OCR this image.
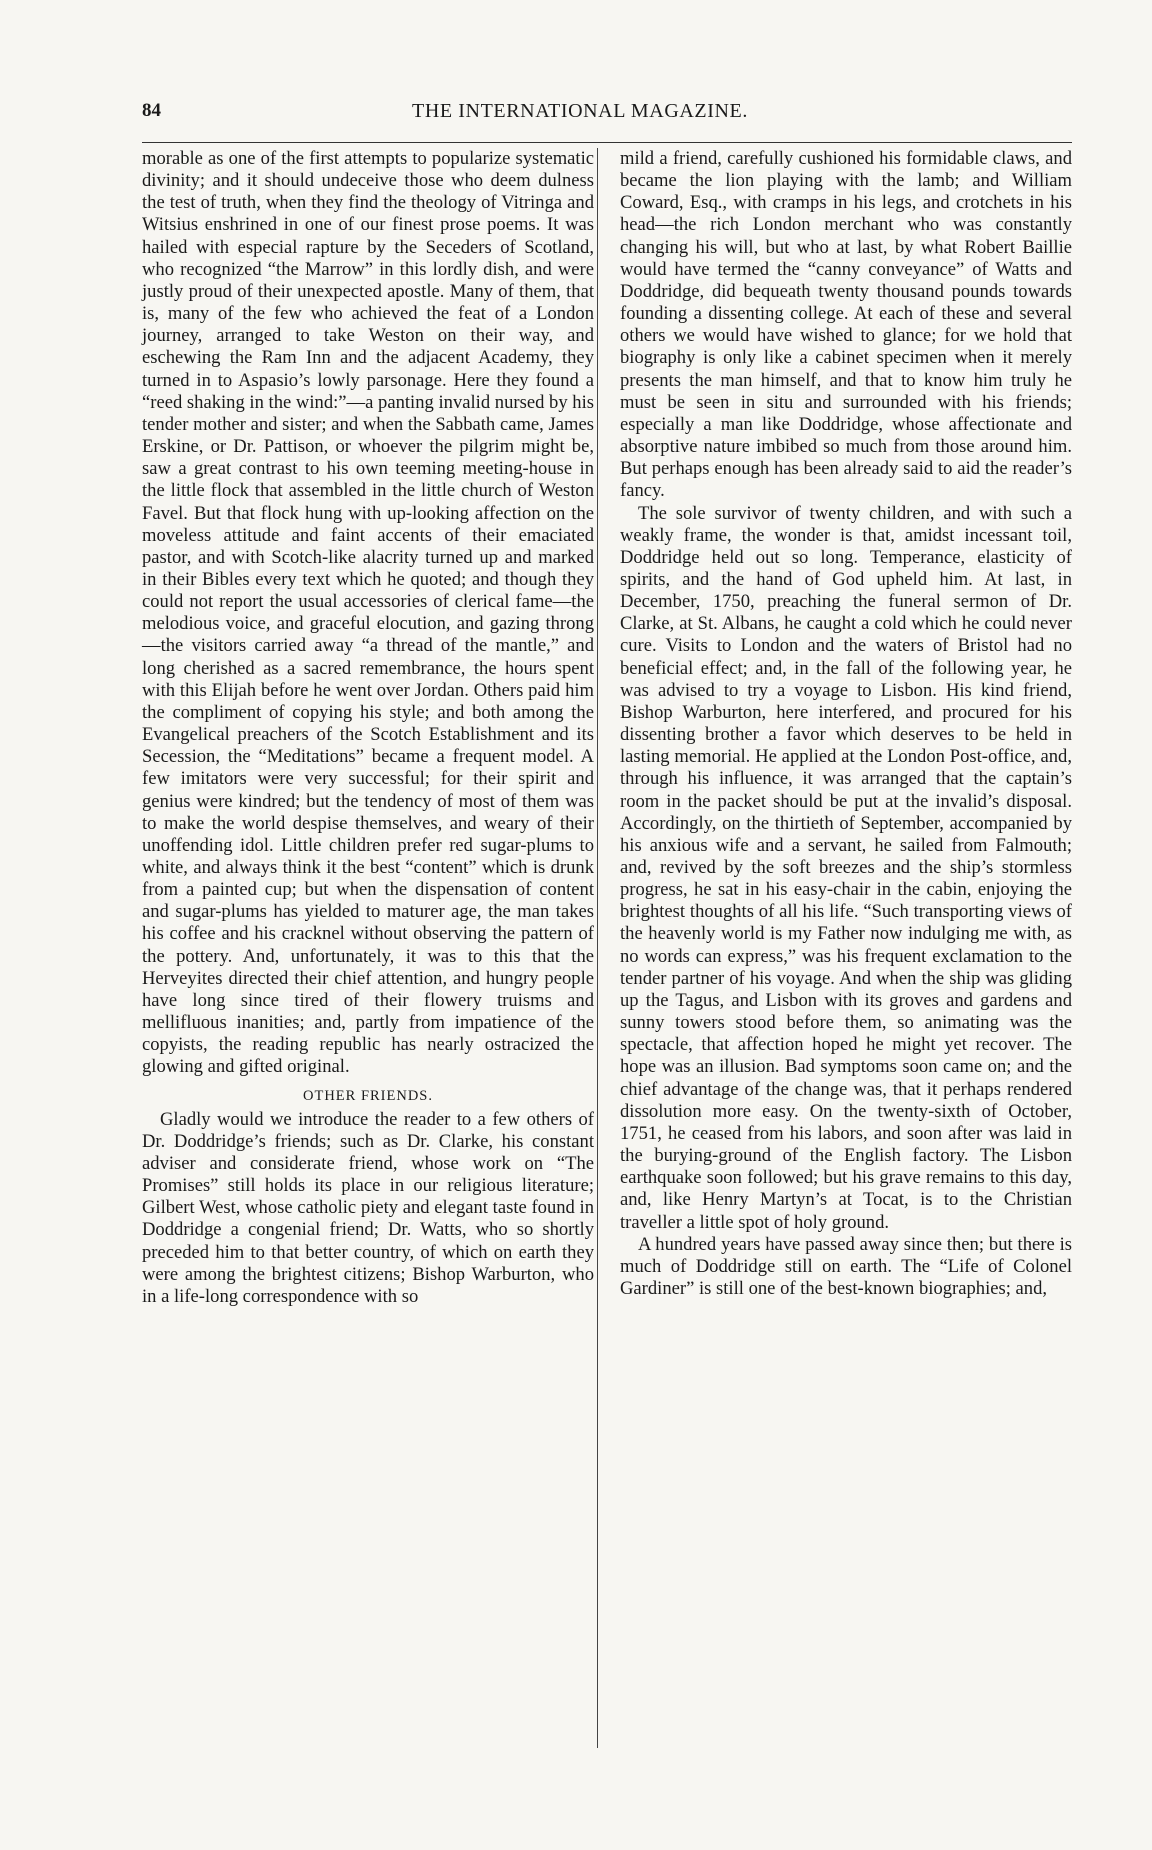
84	THE INTERNATIONAL MAGAZINE.

morable as one of the first attempts to popularize systematic divinity; and it should undeceive those who deem dulness the test of truth, when they find the theology of Vitringa and Witsius enshrined in one of our finest prose poems. It was hailed with especial rapture by the Seceders of Scotland, who recognized “the Marrow” in this lordly dish, and were justly proud of their unexpected apostle. Many of them, that is, many of the few who achieved the feat of a London journey, arranged to take Weston on their way, and eschewing the Ram Inn and the adjacent Academy, they turned in to Aspasio’s lowly parsonage. Here they found a “reed shaking in the wind:”—a panting invalid nursed by his tender mother and sister; and when the Sabbath came, James Erskine, or Dr. Pattison, or whoever the pilgrim might be, saw a great contrast to his own teeming meeting-house in the little flock that assembled in the little church of Weston Favel. But that flock hung with up-looking affection on the moveless attitude and faint accents of their emaciated pastor, and with Scotch-like alacrity turned up and marked in their Bibles every text which he quoted; and though they could not report the usual accessories of clerical fame—the melodious voice, and graceful elocution, and gazing throng—the visitors carried away “a thread of the mantle,” and long cherished as a sacred remembrance, the hours spent with this Elijah before he went over Jordan. Others paid him the compliment of copying his style; and both among the Evangelical preachers of the Scotch Establishment and its Secession, the “Meditations” became a frequent model. A few imitators were very successful; for their spirit and genius were kindred; but the tendency of most of them was to make the world despise themselves, and weary of their unoffending idol. Little children prefer red sugar-plums to white, and always think it the best “content” which is drunk from a painted cup; but when the dispensation of content and sugar-plums has yielded to maturer age, the man takes his coffee and his cracknel without observing the pattern of the pottery. And, unfortunately, it was to this that the Herveyites directed their chief attention, and hungry people have long since tired of their flowery truisms and mellifluous inanities; and, partly from impatience of the copyists, the reading republic has nearly ostracized the glowing and gifted original.

OTHER FRIENDS.

Gladly would we introduce the reader to a few others of Dr. Doddridge’s friends; such as Dr. Clarke, his constant adviser and considerate friend, whose work on “The Promises” still holds its place in our religious literature; Gilbert West, whose catholic piety and elegant taste found in Doddridge a congenial friend; Dr. Watts, who so shortly preceded him to that better country, of which on earth they were among the brightest citizens; Bishop Warburton, who in a life-long correspondence with so

mild a friend, carefully cushioned his formidable claws, and became the lion playing with the lamb; and William Coward, Esq., with cramps in his legs, and crotchets in his head—the rich London merchant who was constantly changing his will, but who at last, by what Robert Baillie would have termed the “canny conveyance” of Watts and Doddridge, did bequeath twenty thousand pounds towards founding a dissenting college. At each of these and several others we would have wished to glance; for we hold that biography is only like a cabinet specimen when it merely presents the man himself, and that to know him truly he must be seen in situ and surrounded with his friends; especially a man like Doddridge, whose affectionate and absorptive nature imbibed so much from those around him. But perhaps enough has been already said to aid the reader’s fancy.

The sole survivor of twenty children, and with such a weakly frame, the wonder is that, amidst incessant toil, Doddridge held out so long. Temperance, elasticity of spirits, and the hand of God upheld him. At last, in December, 1750, preaching the funeral sermon of Dr. Clarke, at St. Albans, he caught a cold which he could never cure. Visits to London and the waters of Bristol had no beneficial effect; and, in the fall of the following year, he was advised to try a voyage to Lisbon. His kind friend, Bishop Warburton, here interfered, and procured for his dissenting brother a favor which deserves to be held in lasting memorial. He applied at the London Post-office, and, through his influence, it was arranged that the captain’s room in the packet should be put at the invalid’s disposal. Accordingly, on the thirtieth of September, accompanied by his anxious wife and a servant, he sailed from Falmouth; and, revived by the soft breezes and the ship’s stormless progress, he sat in his easy-chair in the cabin, enjoying the brightest thoughts of all his life. “Such transporting views of the heavenly world is my Father now indulging me with, as no words can express,” was his frequent exclamation to the tender partner of his voyage. And when the ship was gliding up the Tagus, and Lisbon with its groves and gardens and sunny towers stood before them, so animating was the spectacle, that affection hoped he might yet recover. The hope was an illusion. Bad symptoms soon came on; and the chief advantage of the change was, that it perhaps rendered dissolution more easy. On the twenty-sixth of October, 1751, he ceased from his labors, and soon after was laid in the burying-ground of the English factory. The Lisbon earthquake soon followed; but his grave remains to this day, and, like Henry Martyn’s at Tocat, is to the Christian traveller a little spot of holy ground.

A hundred years have passed away since then; but there is much of Doddridge still on earth. The “Life of Colonel Gardiner” is still one of the best-known biographies; and,
